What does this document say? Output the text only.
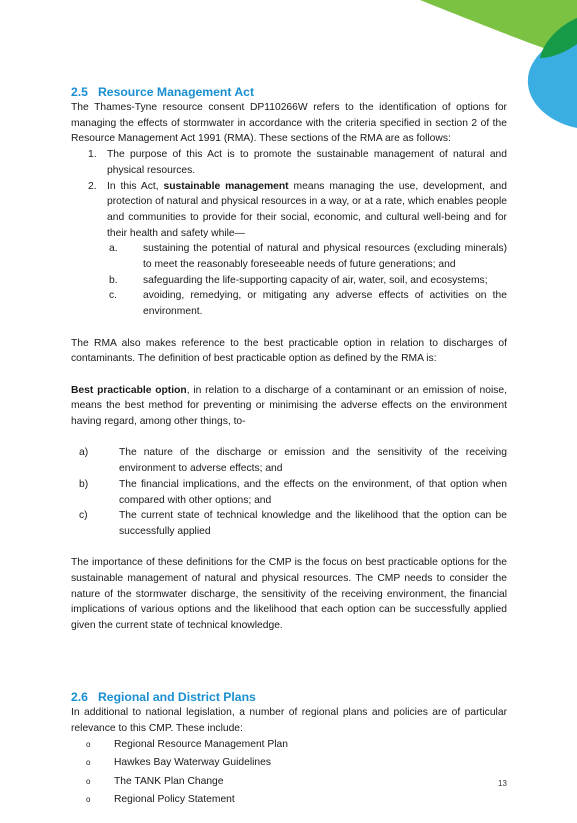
2.5 Resource Management Act

The Thames-Tyne resource consent DP110266W refers to the identification of options for managing the effects of stormwater in accordance with the criteria specified in section 2 of the Resource Management Act 1991 (RMA). These sections of the RMA are as follows:

1. The purpose of this Act is to promote the sustainable management of natural and physical resources.
2. In this Act, sustainable management means managing the use, development, and protection of natural and physical resources in a way, or at a rate, which enables people and communities to provide for their social, economic, and cultural well-being and for their health and safety while—
a. sustaining the potential of natural and physical resources (excluding minerals) to meet the reasonably foreseeable needs of future generations; and
b. safeguarding the life-supporting capacity of air, water, soil, and ecosystems;
c.	avoiding, remedying, or mitigating any adverse effects of activities on the environment.

The RMA also makes reference to the best practicable option in relation to discharges of contaminants. The definition of best practicable option as defined by the RMA is:

Best practicable option, in relation to a discharge of a contaminant or an emission of noise, means the best method for preventing or minimising the adverse effects on the environment having regard, among other things, to-

a)	The nature of the discharge or emission and the sensitivity of the receiving environment to adverse effects; and
b)	The financial implications, and the effects on the environment, of that option when compared with other options; and
c)	The current state of technical knowledge and the likelihood that the option can be successfully applied

The importance of these definitions for the CMP is the focus on best practicable options for the sustainable management of natural and physical resources. The CMP needs to consider the nature of the stormwater discharge, the sensitivity of the receiving environment, the financial implications of various options and the likelihood that each option can be successfully applied given the current state of technical knowledge.

2.6 Regional and District Plans

In additional to national legislation, a number of regional plans and policies are of particular relevance to this CMP. These include:

o Regional Resource Management Plan
o Hawkes Bay Waterway Guidelines
o The TANK Plan Change
o Regional Policy Statement
13
